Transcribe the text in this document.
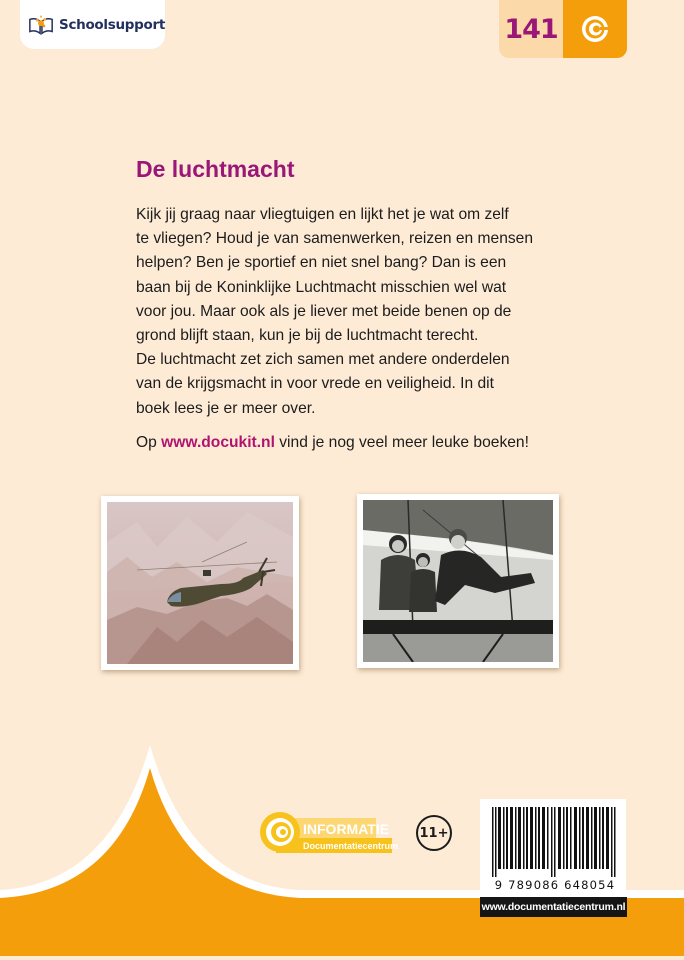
Schoolsupport	141
De luchtmacht

Kijk jij graag naar vliegtuigen en lijkt het je wat om zelf

te vliegen? Houd je van samenwerken, reizen en mensen

helpen? Ben je sportief en niet snel bang? Dan is een

baan bij de Koninklijke Luchtmacht misschien wel wat

voor jou. Maar ook als je liever met beide benen op de

grond blijft staan, kun je bij de luchtmacht terecht.

De luchtmacht zet zich samen met andere onderdelen

van de krijgsmacht in voor vrede en veiligheid. In dit

boek lees je er meer over.

Op www.docukit.nl vind je nog veel meer leuke boeken!
INFORMATIE
Documentatiecentrum
11+
9 789086 648054
www.documentatiecentrum.nl
